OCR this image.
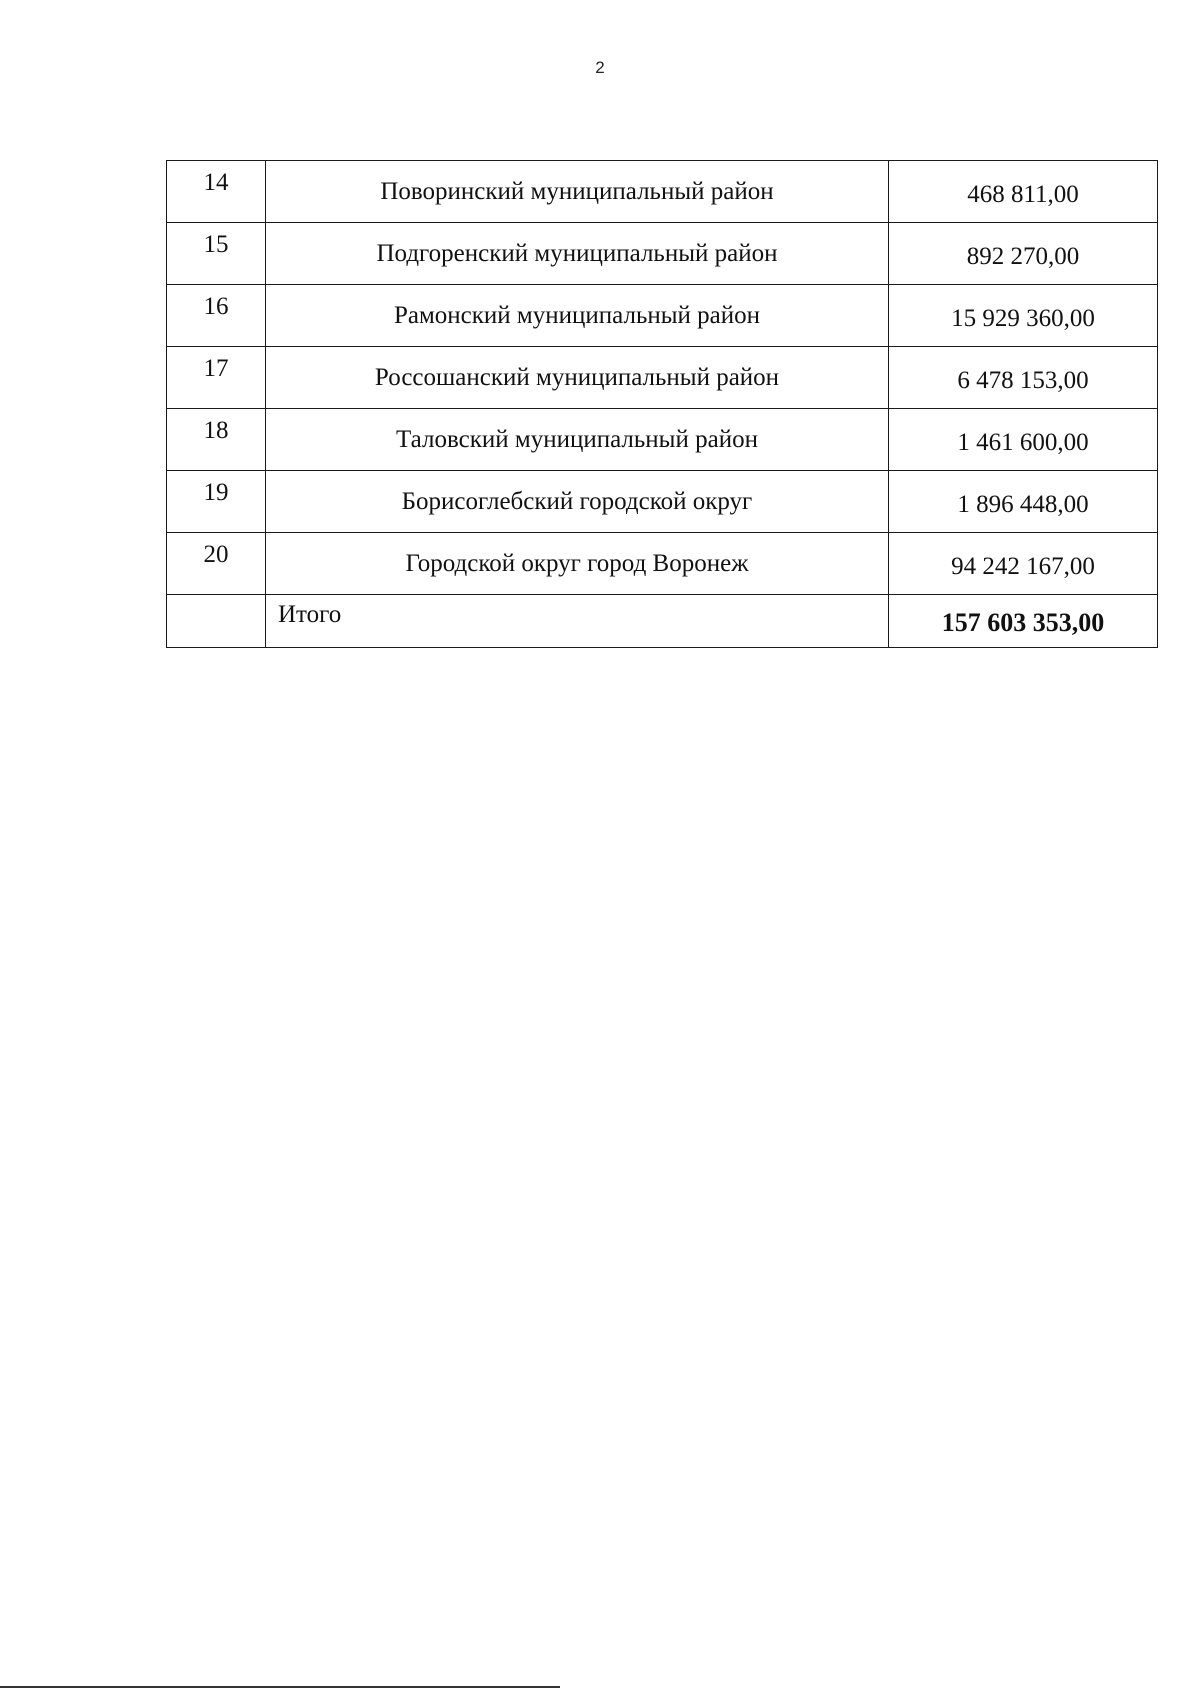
2
14	Поворинский муниципальный район	468 811,00
15	Подгоренский муниципальный район	892 270,00
16	Рамонский муниципальный район	15 929 360,00
17	Россошанский муниципальный район	6 478 153,00
18	Таловский муниципальный район	1 461 600,00
19	Борисоглебский городской округ	1 896 448,00
20	Городской округ город Воронеж	94 242 167,00
	Итого	157 603 353,00
